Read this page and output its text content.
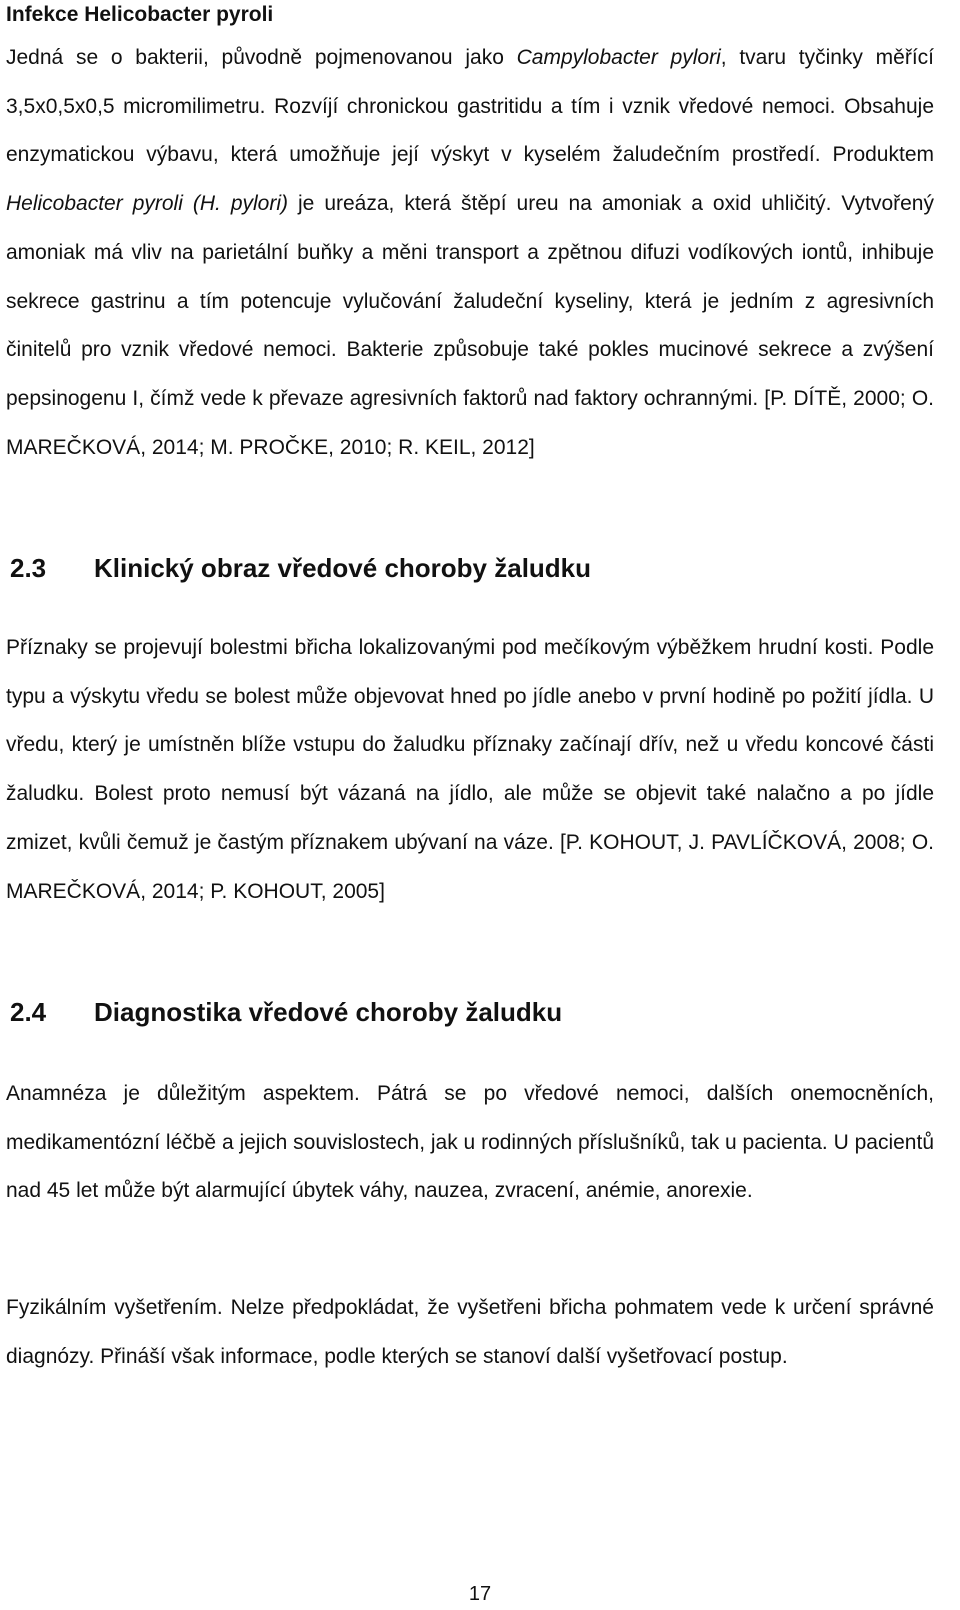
Infekce Helicobacter pyroli

Jedná se o bakterii, původně pojmenovanou jako Campylobacter pylori, tvaru tyčinky měřící 3,5x0,5x0,5 micromilimetru. Rozvíjí chronickou gastritidu a tím i vznik vředové nemoci. Obsahuje enzymatickou výbavu, která umožňuje její výskyt v kyselém žaludečním prostředí. Produktem Helicobacter pyroli (H. pylori) je ureáza, která štěpí ureu na amoniak a oxid uhličitý. Vytvořený amoniak má vliv na parietální buňky a měni transport a zpětnou difuzi vodíkových iontů, inhibuje sekrece gastrinu a tím potencuje vylučování žaludeční kyseliny, která je jedním z agresivních činitelů pro vznik vředové nemoci. Bakterie způsobuje také pokles mucinové sekrece a zvýšení pepsinogenu I, čímž vede k převaze agresivních faktorů nad faktory ochrannými. [P. DÍTĚ, 2000; O. MAREČKOVÁ, 2014; M. PROČKE, 2010; R. KEIL, 2012]

2.3 Klinický obraz vředové choroby žaludku

Příznaky se projevují bolestmi břicha lokalizovanými pod mečíkovým výběžkem hrudní kosti. Podle typu a výskytu vředu se bolest může objevovat hned po jídle anebo v první hodině po požití jídla. U vředu, který je umístněn blíže vstupu do žaludku příznaky začínají dřív, než u vředu koncové části žaludku. Bolest proto nemusí být vázaná na jídlo, ale může se objevit také nalačno a po jídle zmizet, kvůli čemuž je častým příznakem ubývaní na váze. [P. KOHOUT, J. PAVLÍČKOVÁ, 2008; O. MAREČKOVÁ, 2014; P. KOHOUT, 2005]

2.4 Diagnostika vředové choroby žaludku

Anamnéza je důležitým aspektem. Pátrá se po vředové nemoci, dalších onemocněních, medikamentózní léčbě a jejich souvislostech, jak u rodinných příslušníků, tak u pacienta. U pacientů nad 45 let může být alarmující úbytek váhy, nauzea, zvracení, anémie, anorexie.

Fyzikálním vyšetřením. Nelze předpokládat, že vyšetřeni břicha pohmatem vede k určení správné diagnózy. Přináší však informace, podle kterých se stanoví další vyšetřovací postup.

17
